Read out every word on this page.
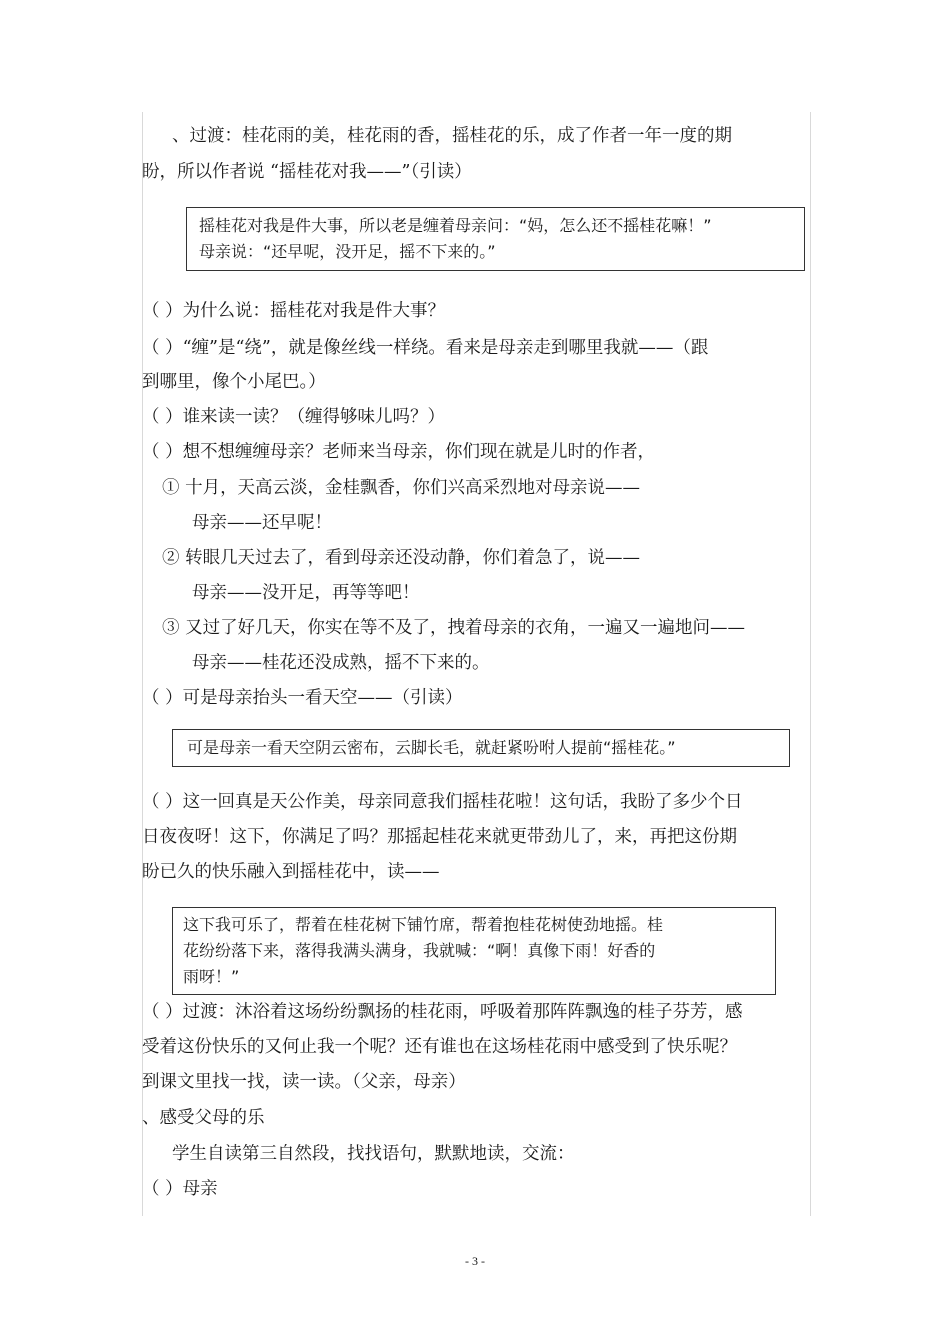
、过渡：桂花雨的美，桂花雨的香，摇桂花的乐，成了作者一年一度的期
盼，所以作者说 “摇桂花对我——”（引读）
摇桂花对我是件大事，所以老是缠着母亲问：“妈，怎么还不摇桂花嘛！”
母亲说：“还早呢，没开足，摇不下来的。”
（ ）为什么说：摇桂花对我是件大事？
（ ）“缠”是“绕”，就是像丝线一样绕。看来是母亲走到哪里我就——（跟
到哪里，像个小尾巴。）
（ ）谁来读一读？（缠得够味儿吗？）
（ ）想不想缠缠母亲？老师来当母亲，你们现在就是儿时的作者，
① 十月，天高云淡，金桂飘香，你们兴高采烈地对母亲说——
母亲——还早呢！
② 转眼几天过去了，看到母亲还没动静，你们着急了，说——
母亲——没开足，再等等吧！
③ 又过了好几天，你实在等不及了，拽着母亲的衣角，一遍又一遍地问——
母亲——桂花还没成熟，摇不下来的。
（ ）可是母亲抬头一看天空——（引读）
可是母亲一看天空阴云密布，云脚长毛，就赶紧吩咐人提前“摇桂花。”
（ ）这一回真是天公作美，母亲同意我们摇桂花啦！这句话，我盼了多少个日
日夜夜呀！这下，你满足了吗？那摇起桂花来就更带劲儿了，来，再把这份期
盼已久的快乐融入到摇桂花中，读——
这下我可乐了，帮着在桂花树下铺竹席，帮着抱桂花树使劲地摇。桂
花纷纷落下来，落得我满头满身，我就喊：“啊！真像下雨！好香的
雨呀！”
（ ）过渡：沐浴着这场纷纷飘扬的桂花雨，呼吸着那阵阵飘逸的桂子芬芳，感
受着这份快乐的又何止我一个呢？还有谁也在这场桂花雨中感受到了快乐呢？
到课文里找一找，读一读。（父亲，母亲）
、感受父母的乐
学生自读第三自然段，找找语句，默默地读，交流：
（ ）母亲
- 3 -
